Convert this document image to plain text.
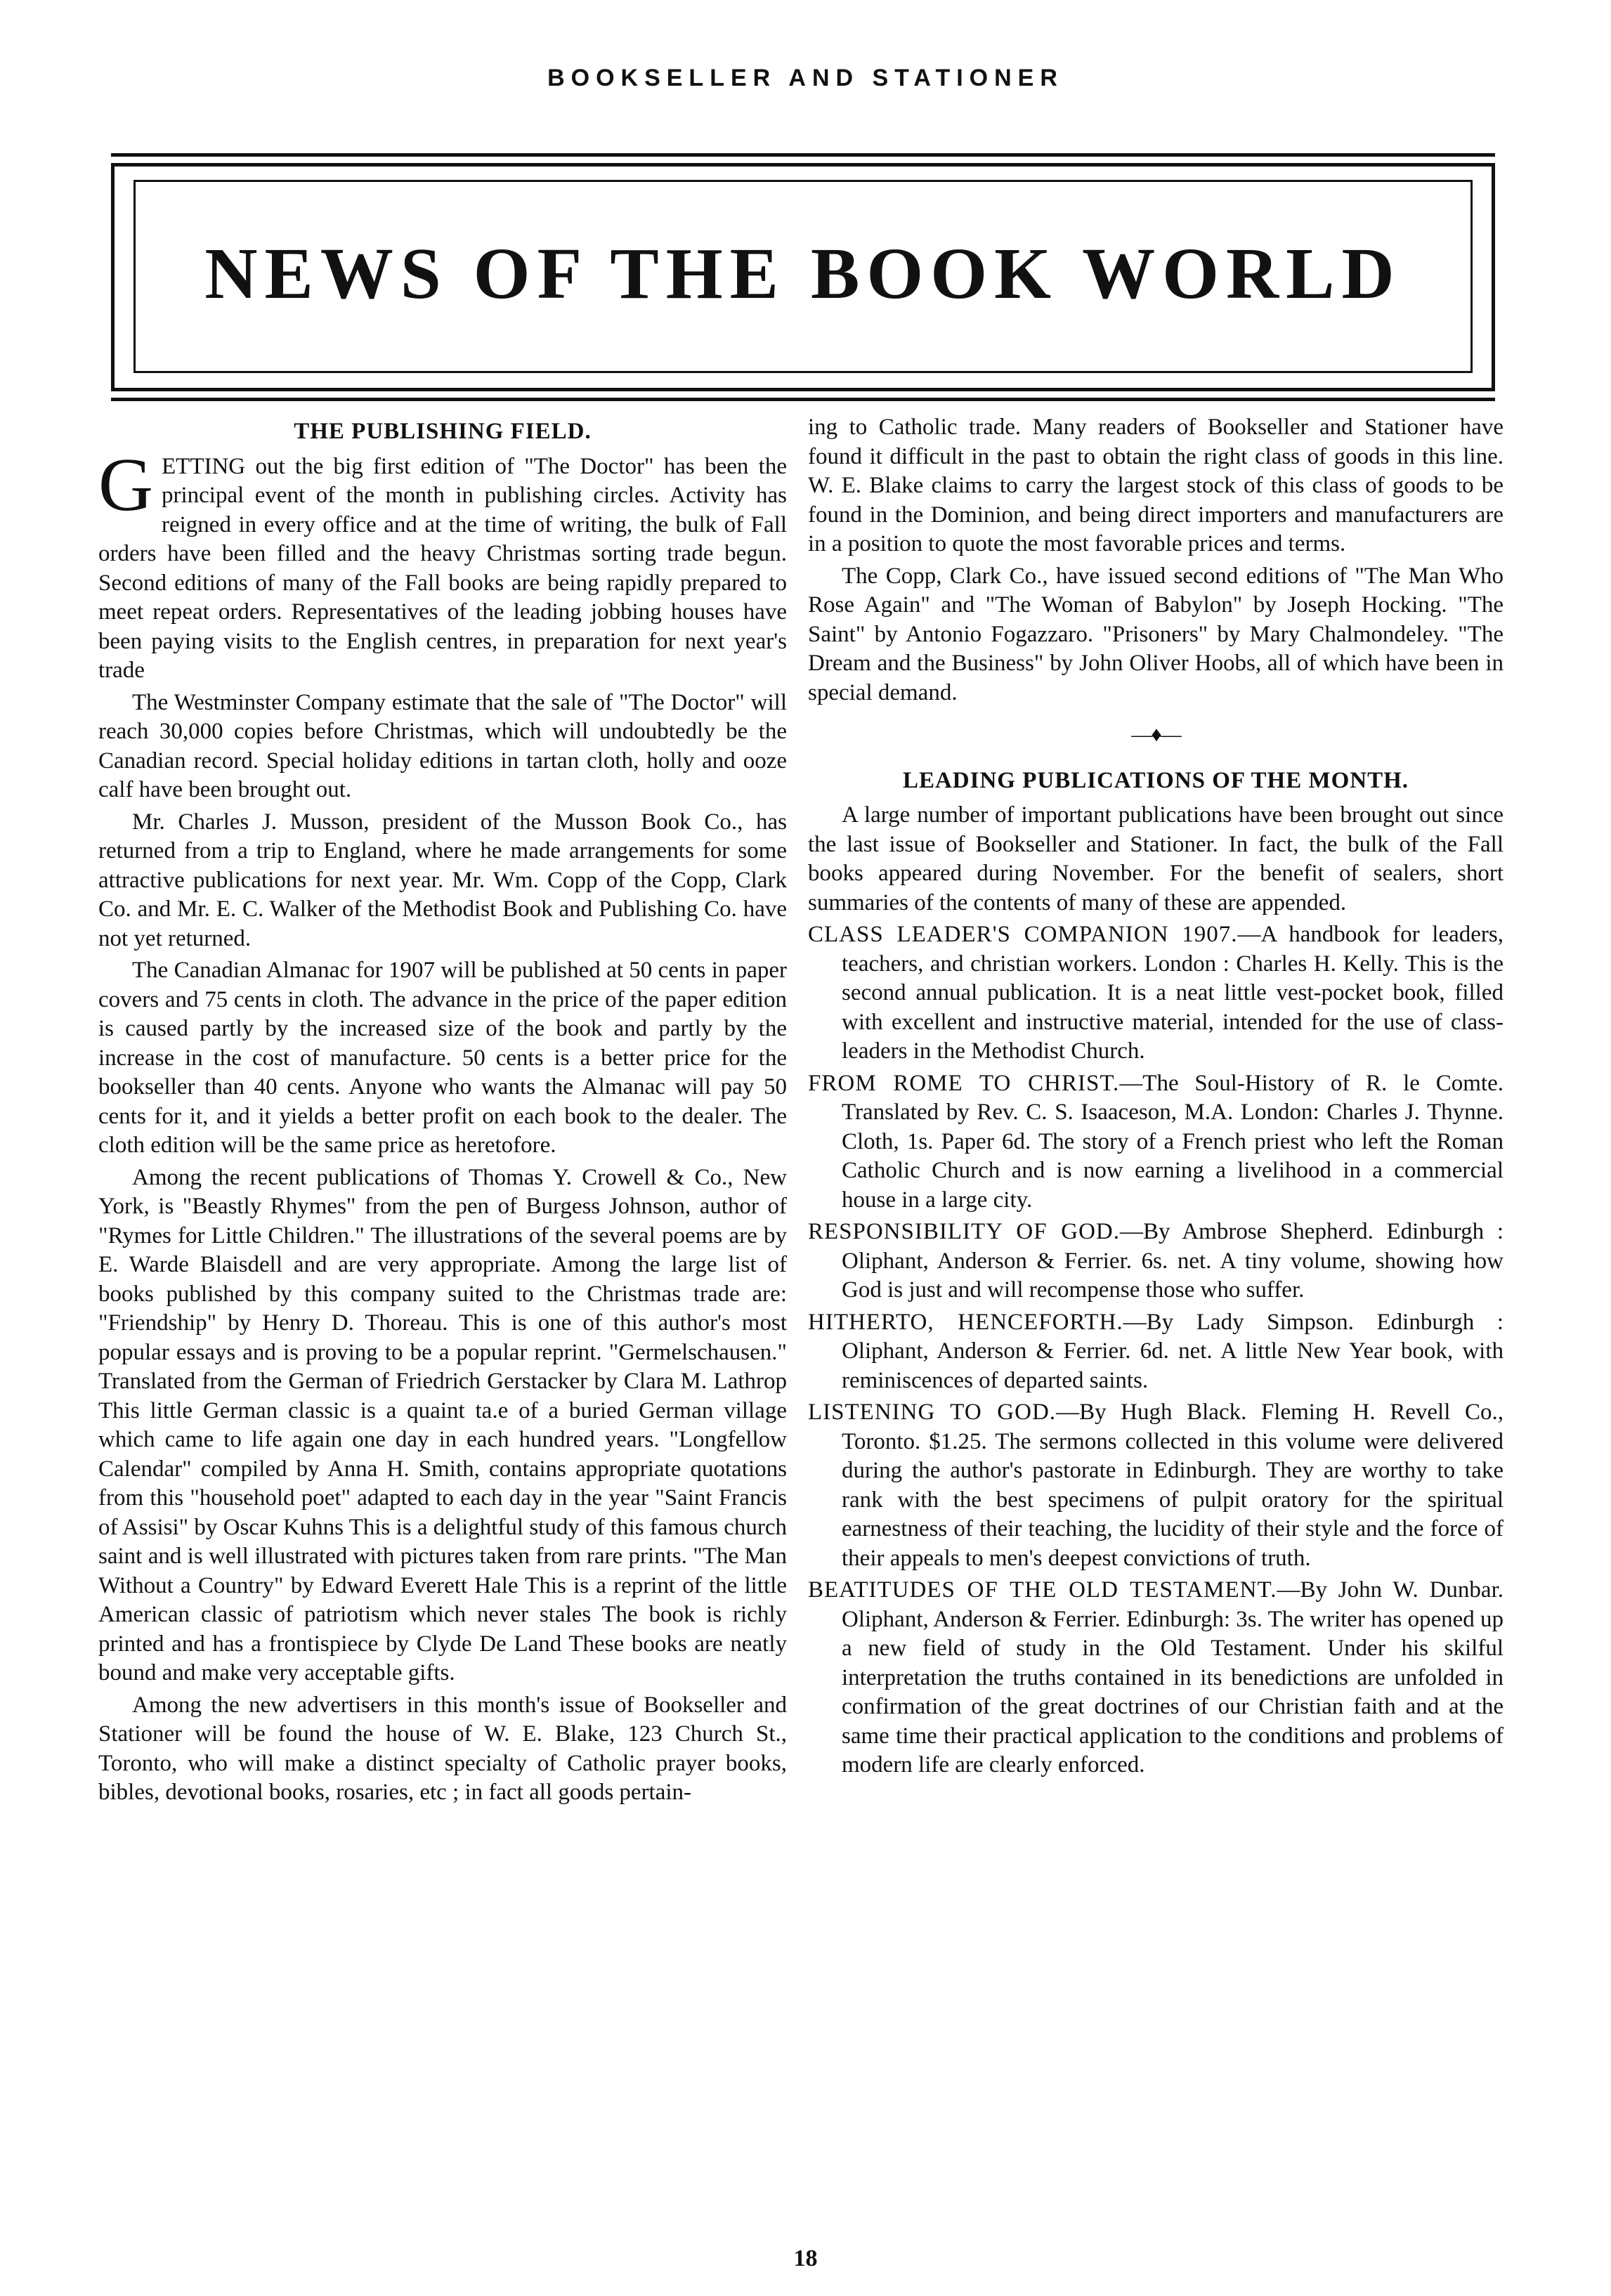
BOOKSELLER AND STATIONER
NEWS OF THE BOOK WORLD
THE PUBLISHING FIELD.

GETTING out the big first edition of "The Doctor" has been the principal event of the month in publishing circles. Activity has reigned in every office and at the time of writing, the bulk of Fall orders have been filled and the heavy Christmas sorting trade begun. Second editions of many of the Fall books are being rapidly prepared to meet repeat orders. Representatives of the leading jobbing houses have been paying visits to the English centres, in preparation for next year's trade

The Westminster Company estimate that the sale of "The Doctor" will reach 30,000 copies before Christmas, which will undoubtedly be the Canadian record. Special holiday editions in tartan cloth, holly and ooze calf have been brought out.

Mr. Charles J. Musson, president of the Musson Book Co., has returned from a trip to England, where he made arrangements for some attractive publications for next year. Mr. Wm. Copp of the Copp, Clark Co. and Mr. E. C. Walker of the Methodist Book and Publishing Co. have not yet returned.

The Canadian Almanac for 1907 will be published at 50 cents in paper covers and 75 cents in cloth. The advance in the price of the paper edition is caused partly by the increased size of the book and partly by the increase in the cost of manufacture. 50 cents is a better price for the bookseller than 40 cents. Anyone who wants the Almanac will pay 50 cents for it, and it yields a better profit on each book to the dealer. The cloth edition will be the same price as heretofore.

Among the recent publications of Thomas Y. Crowell & Co., New York, is "Beastly Rhymes" from the pen of Burgess Johnson, author of "Rymes for Little Children." The illustrations of the several poems are by E. Warde Blaisdell and are very appropriate. Among the large list of books published by this company suited to the Christmas trade are: "Friendship" by Henry D. Thoreau. This is one of this author's most popular essays and is proving to be a popular reprint. "Germelschausen." Translated from the German of Friedrich Gerstacker by Clara M. Lathrop This little German classic is a quaint ta.e of a buried German village which came to life again one day in each hundred years. "Longfellow Calendar" compiled by Anna H. Smith, contains appropriate quotations from this "household poet" adapted to each day in the year "Saint Francis of Assisi" by Oscar Kuhns This is a delightful study of this famous church saint and is well illustrated with pictures taken from rare prints. "The Man Without a Country" by Edward Everett Hale This is a reprint of the little American classic of patriotism which never stales The book is richly printed and has a frontispiece by Clyde De Land These books are neatly bound and make very acceptable gifts.

Among the new advertisers in this month's issue of Bookseller and Stationer will be found the house of W. E. Blake, 123 Church St., Toronto, who will make a distinct specialty of Catholic prayer books, bibles, devotional books, rosaries, etc ; in fact all goods pertain-

ing to Catholic trade. Many readers of Bookseller and Stationer have found it difficult in the past to obtain the right class of goods in this line. W. E. Blake claims to carry the largest stock of this class of goods to be found in the Dominion, and being direct importers and manufacturers are in a position to quote the most favorable prices and terms.

The Copp, Clark Co., have issued second editions of "The Man Who Rose Again" and "The Woman of Babylon" by Joseph Hocking. "The Saint" by Antonio Fogazzaro. "Prisoners" by Mary Chalmondeley. "The Dream and the Business" by John Oliver Hoobs, all of which have been in special demand.

—♦—
LEADING PUBLICATIONS OF THE MONTH.

A large number of important publications have been brought out since the last issue of Bookseller and Stationer. In fact, the bulk of the Fall books appeared during November. For the benefit of sealers, short summaries of the contents of many of these are appended.

CLASS LEADER'S COMPANION 1907.—A handbook for leaders, teachers, and christian workers. London : Charles H. Kelly. This is the second annual publication. It is a neat little vest-pocket book, filled with excellent and instructive material, intended for the use of class-leaders in the Methodist Church.

FROM ROME TO CHRIST.—The Soul-History of R. le Comte. Translated by Rev. C. S. Isaaceson, M.A. London: Charles J. Thynne. Cloth, 1s. Paper 6d. The story of a French priest who left the Roman Catholic Church and is now earning a livelihood in a commercial house in a large city.

RESPONSIBILITY OF GOD.—By Ambrose Shepherd. Edinburgh : Oliphant, Anderson & Ferrier. 6s. net. A tiny volume, showing how God is just and will recompense those who suffer.

HITHERTO, HENCEFORTH.—By Lady Simpson. Edinburgh : Oliphant, Anderson & Ferrier. 6d. net. A little New Year book, with reminiscences of departed saints.

LISTENING TO GOD.—By Hugh Black. Fleming H. Revell Co., Toronto. $1.25. The sermons collected in this volume were delivered during the author's pastorate in Edinburgh. They are worthy to take rank with the best specimens of pulpit oratory for the spiritual earnestness of their teaching, the lucidity of their style and the force of their appeals to men's deepest convictions of truth.

BEATITUDES OF THE OLD TESTAMENT.—By John W. Dunbar. Oliphant, Anderson & Ferrier. Edinburgh: 3s. The writer has opened up a new field of study in the Old Testament. Under his skilful interpretation the truths contained in its benedictions are unfolded in confirmation of the great doctrines of our Christian faith and at the same time their practical application to the conditions and problems of modern life are clearly enforced.

18
